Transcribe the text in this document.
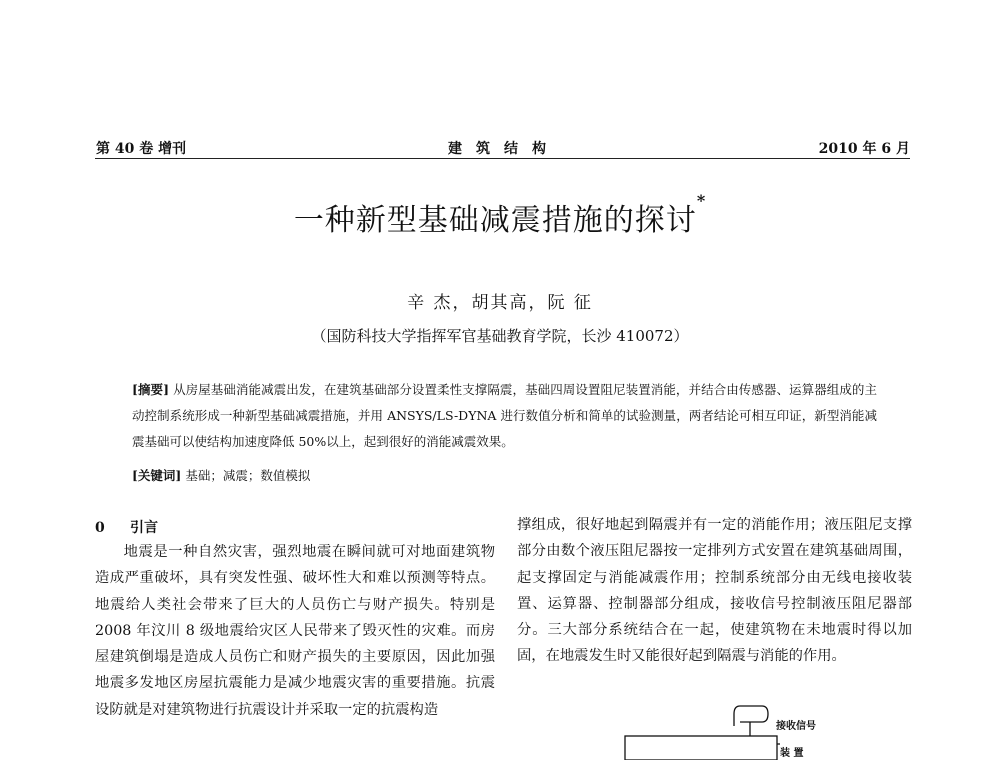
第 40 卷 增刊	建筑结构	2010 年 6 月
一种新型基础减震措施的探讨*
辛 杰，胡其高，阮 征
（国防科技大学指挥军官基础教育学院，长沙 410072）
[摘要] 从房屋基础消能减震出发，在建筑基础部分设置柔性支撑隔震，基础四周设置阻尼装置消能，并结合由传感器、运算器组成的主动控制系统形成一种新型基础减震措施，并用 ANSYS/LS-DYNA 进行数值分析和简单的试验测量，两者结论可相互印证，新型消能减震基础可以使结构加速度降低 50%以上，起到很好的消能减震效果。
[关键词] 基础；减震；数值模拟
0 引言

地震是一种自然灾害，强烈地震在瞬间就可对地面建筑物造成严重破坏，具有突发性强、破坏性大和难以预测等特点。地震给人类社会带来了巨大的人员伤亡与财产损失。特别是 2008 年汶川 8 级地震给灾区人民带来了毁灭性的灾难。而房屋建筑倒塌是造成人员伤亡和财产损失的主要原因，因此加强地震多发地区房屋抗震能力是减少地震灾害的重要措施。抗震设防就是对建筑物进行抗震设计并采取一定的抗震构造

撑组成，很好地起到隔震并有一定的消能作用；液压阻尼支撑部分由数个液压阻尼器按一定排列方式安置在建筑基础周围，起支撑固定与消能减震作用；控制系统部分由无线电接收装置、运算器、控制器部分组成，接收信号控制液压阻尼器部分。三大部分系统结合在一起，使建筑物在未地震时得以加固，在地震发生时又能很好起到隔震与消能的作用。

接收信号
装 置
